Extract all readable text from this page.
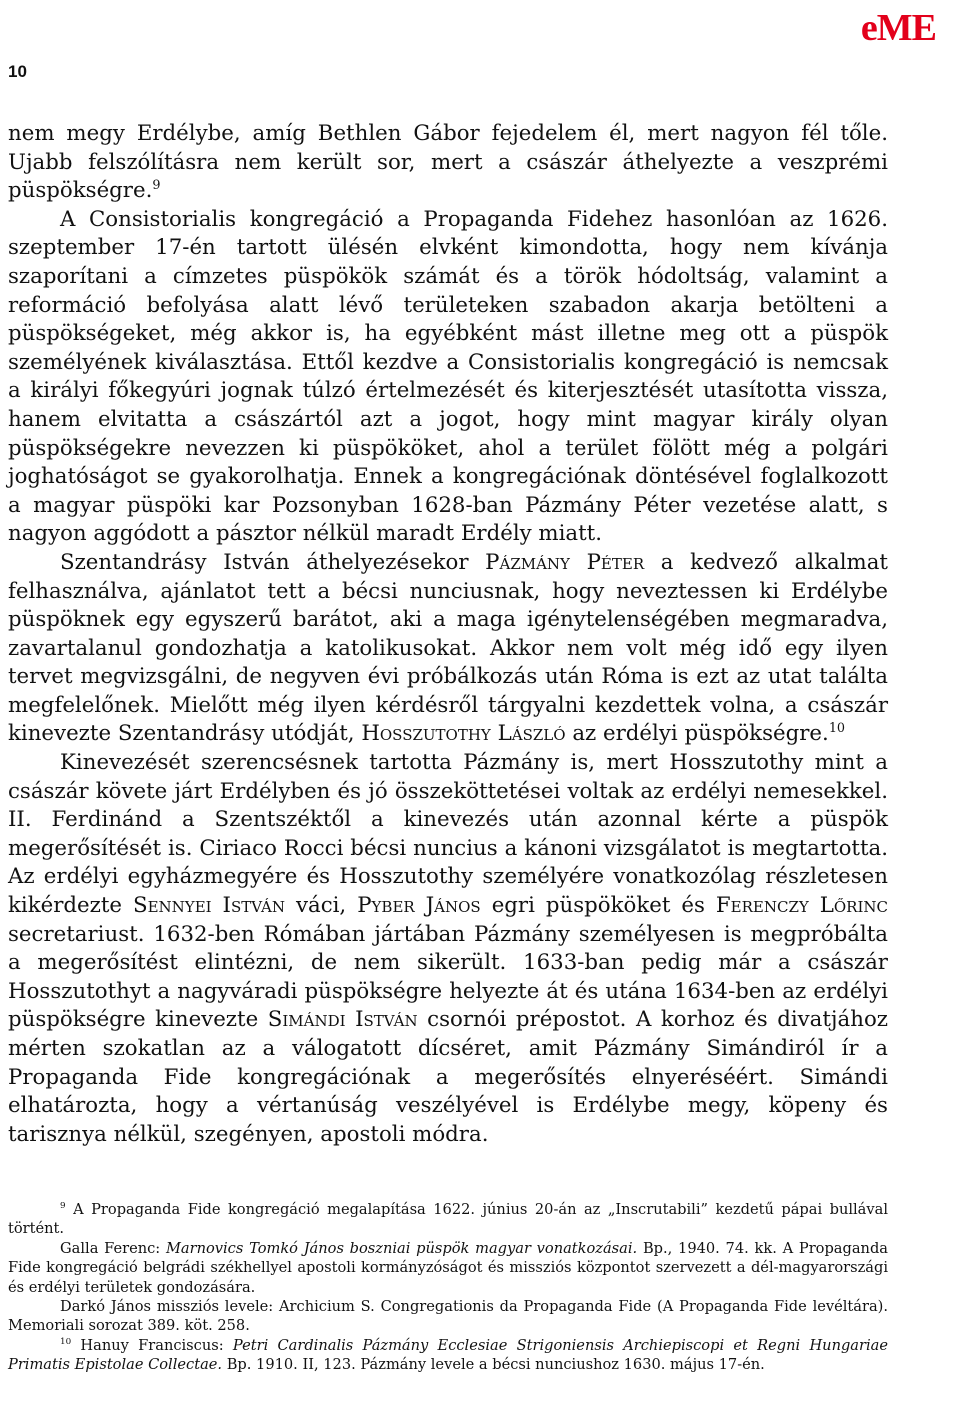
eME
10

nem megy Erdélybe, amíg Bethlen Gábor fejedelem él, mert nagyon fél tőle. Ujabb felszólításra nem került sor, mert a császár áthelyezte a veszprémi püspökségre.$^9$

A Consistorialis kongregáció a Propaganda Fidehez hasonlóan az 1626. szeptember 17-én tartott ülésén elvként kimondotta, hogy nem kívánja szaporítani a címzetes püspökök számát és a török hódoltság, valamint a reformáció befolyása alatt lévő területeken szabadon akarja betölteni a püspökségeket, még akkor is, ha egyébként mást illetne meg ott a püspök személyének kiválasztása. Ettől kezdve a Consistorialis kongregáció is nemcsak a királyi főkegyúri jognak túlzó értelmezését és kiterjesztését utasította vissza, hanem elvitatta a császártól azt a jogot, hogy mint magyar király olyan püspökségekre nevezzen ki püspököket, ahol a terület fölött még a polgári joghatóságot se gyakorolhatja. Ennek a kongregációnak döntésével foglalkozott a magyar püspöki kar Pozsonyban 1628-ban Pázmány Péter vezetése alatt, s nagyon aggódott a pásztor nélkül maradt Erdély miatt.

Szentandrásy István áthelyezésekor Pázmány Péter a kedvező alkalmat felhasználva, ajánlatot tett a bécsi nunciusnak, hogy neveztessen ki Erdélybe püspöknek egy egyszerű barátot, aki a maga igénytelenségében megmaradva, zavartalanul gondozhatja a katolikusokat. Akkor nem volt még idő egy ilyen tervet megvizsgálni, de negyven évi próbálkozás után Róma is ezt az utat találta megfelelőnek. Mielőtt még ilyen kérdésről tárgyalni kezdettek volna, a császár kinevezte Szentandrásy utódját, Hosszutothy László az erdélyi püspökségre.$^{10}$

Kinevezését szerencsésnek tartotta Pázmány is, mert Hosszutothy mint a császár követe járt Erdélyben és jó összeköttetései voltak az erdélyi nemesekkel. II. Ferdinánd a Szentszéktől a kinevezés után azonnal kérte a püspök megerősítését is. Ciriaco Rocci bécsi nuncius a kánoni vizsgálatot is megtartotta. Az erdélyi egyházmegyére és Hosszutothy személyére vonatkozólag részletesen kikérdezte Sennyei István váci, Pyber János egri püspököket és Ferenczy Lőrinc secretariust. 1632-ben Rómában jártában Pázmány személyesen is megpróbálta a megerősítést elintézni, de nem sikerült. 1633-ban pedig már a császár Hosszutothyt a nagyváradi püspökségre helyezte át és utána 1634-ben az erdélyi püspökségre kinevezte Simándi István csornói prépostot. A korhoz és divatjához mérten szokatlan az a válogatott dícséret, amit Pázmány Simándiról ír a Propaganda Fide kongregációnak a megerősítés elnyeréséért. Simándi elhatározta, hogy a vértanúság veszélyével is Erdélybe megy, köpeny és tarisznya nélkül, szegényen, apostoli módra.

$^9$ A Propaganda Fide kongregáció megalapítása 1622. június 20-án az „Inscrutabili” kezdetű pápai bullával történt.

Galla Ferenc: Marnovics Tomkó János boszniai püspök magyar vonatkozásai. Bp., 1940. 74. kk. A Propaganda Fide kongregáció belgrádi székhellyel apostoli kormányzóságot és missziós központot szervezett a dél-magyarországi és erdélyi területek gondozására.

Darkó János missziós levele: Archicium S. Congregationis da Propaganda Fide (A Propaganda Fide levéltára). Memoriali sorozat 389. köt. 258.

$^{10}$ Hanuy Franciscus: Petri Cardinalis Pázmány Ecclesiae Strigoniensis Archiepiscopi et Regni Hungariae Primatis Epistolae Collectae. Bp. 1910. II, 123. Pázmány levele a bécsi nunciushoz 1630. május 17-én.
